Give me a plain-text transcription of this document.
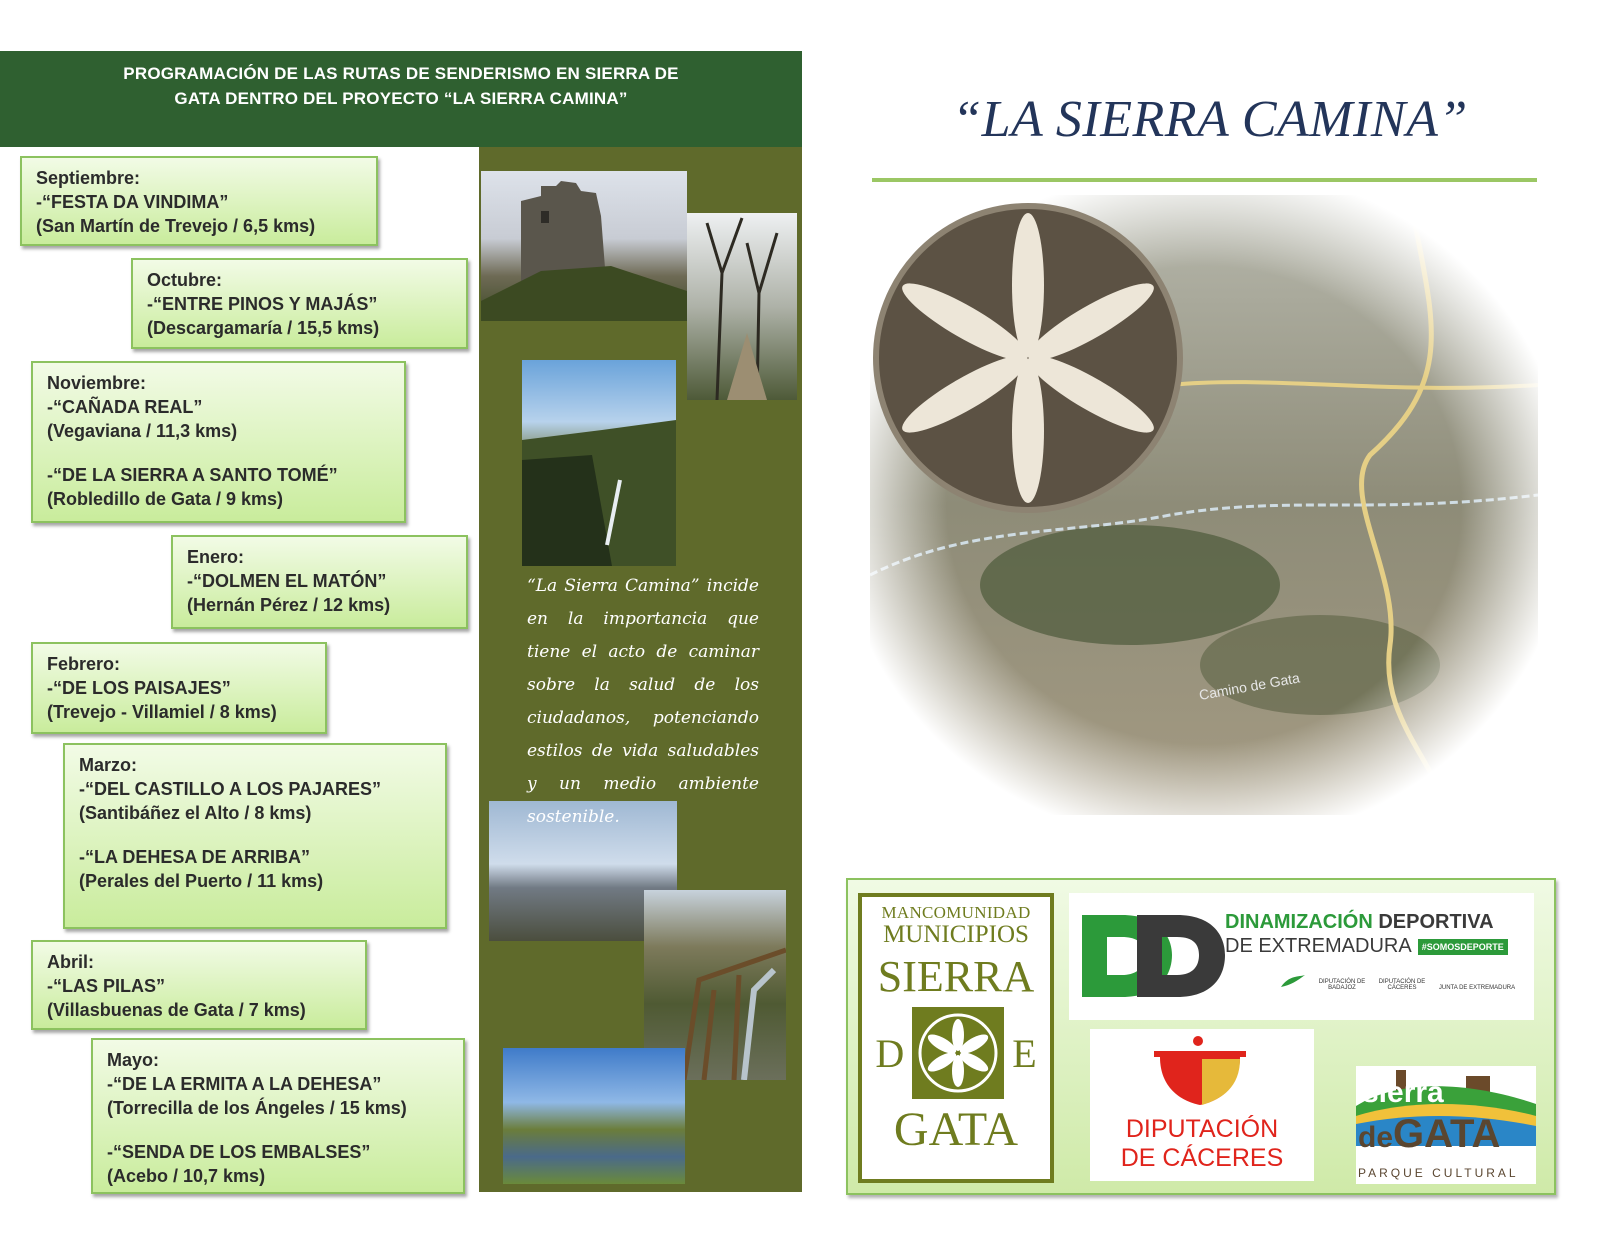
PROGRAMACIÓN DE LAS RUTAS DE SENDERISMO EN SIERRA DE
GATA DENTRO DEL PROYECTO “LA SIERRA CAMINA”
Septiembre:
-“FESTA DA VINDIMA”
(San Martín de Trevejo / 6,5 kms)
Octubre:
-“ENTRE PINOS Y MAJÁS”
(Descargamaría / 15,5 kms)
Noviembre:
-“CAÑADA REAL”
(Vegaviana / 11,3 kms)
-“DE LA SIERRA A SANTO TOMÉ”
(Robledillo de Gata / 9 kms)
Enero:
-“DOLMEN EL MATÓN”
(Hernán Pérez / 12 kms)
Febrero:
-“DE LOS PAISAJES”
(Trevejo - Villamiel / 8 kms)
Marzo:
-“DEL CASTILLO A LOS PAJARES”
(Santibáñez el Alto / 8 kms)
-“LA DEHESA DE ARRIBA”
(Perales del Puerto / 11 kms)
Abril:
-“LAS PILAS”
(Villasbuenas de Gata / 7 kms)
Mayo:
-“DE LA ERMITA A LA DEHESA”
(Torrecilla de los Ángeles / 15 kms)
-“SENDA DE LOS EMBALSES”
(Acebo / 10,7 kms)
“La Sierra Camina” incide en la importancia que tiene el acto de caminar sobre la salud de los ciudadanos, potenciando estilos de vida saludables y un medio ambiente sostenible.
“LA SIERRA CAMINA”
MANCOMUNIDAD
MUNICIPIOS
SIERRA
D	E
GATA
DINAMIZACIÓN DEPORTIVA
DE EXTREMADURA	#SOMOSDEPORTE
DIPUTACIÓN DE BADAJOZ
DIPUTACIÓN DE CÁCERES	JUNTA DE EXTREMADURA
DIPUTACIÓN
DE CÁCERES
sierra
deGATA
PARQUE CULTURAL
